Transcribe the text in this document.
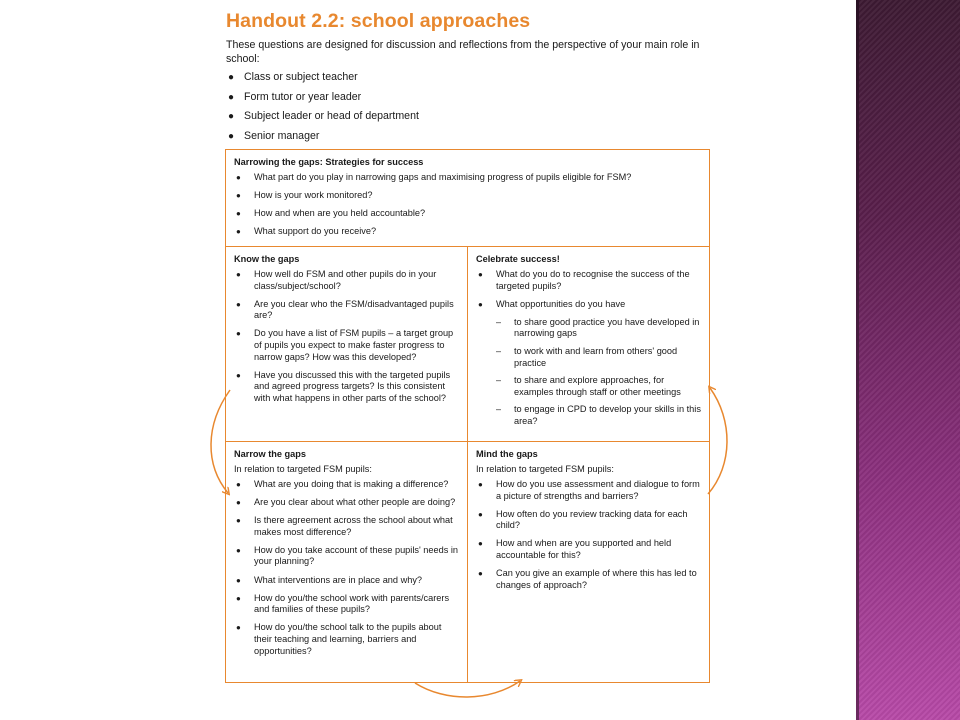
Handout 2.2: school approaches
These questions are designed for discussion and reflections from the perspective of your main role in school:
● Class or subject teacher
● Form tutor or year leader
● Subject leader or head of department
● Senior manager
Narrowing the gaps: Strategies for success
● What part do you play in narrowing gaps and maximising progress of pupils eligible for FSM?
● How is your work monitored?
● How and when are you held accountable?
● What support do you receive?
Know the gaps
● How well do FSM and other pupils do in your class/subject/school?
● Are you clear who the FSM/disadvantaged pupils are?
● Do you have a list of FSM pupils – a target group of pupils you expect to make faster progress to narrow gaps? How was this developed?
● Have you discussed this with the targeted pupils and agreed progress targets? Is this consistent with what happens in other parts of the school?
Celebrate success!
● What do you do to recognise the success of the targeted pupils?
● What opportunities do you have
– to share good practice you have developed in narrowing gaps
– to work with and learn from others' good practice
– to share and explore approaches, for examples through staff or other meetings
– to engage in CPD to develop your skills in this area?
Narrow the gaps

In relation to targeted FSM pupils:

● What are you doing that is making a difference?
● Are you clear about what other people are doing?
● Is there agreement across the school about what makes most difference?
● How do you take account of these pupils' needs in your planning?
● What interventions are in place and why?
● How do you/the school work with parents/carers and families of these pupils?
● How do you/the school talk to the pupils about their teaching and learning, barriers and opportunities?
Mind the gaps

In relation to targeted FSM pupils:

● How do you use assessment and dialogue to form a picture of strengths and barriers?
● How often do you review tracking data for each child?
● How and when are you supported and held accountable for this?
● Can you give an example of where this has led to changes of approach?
